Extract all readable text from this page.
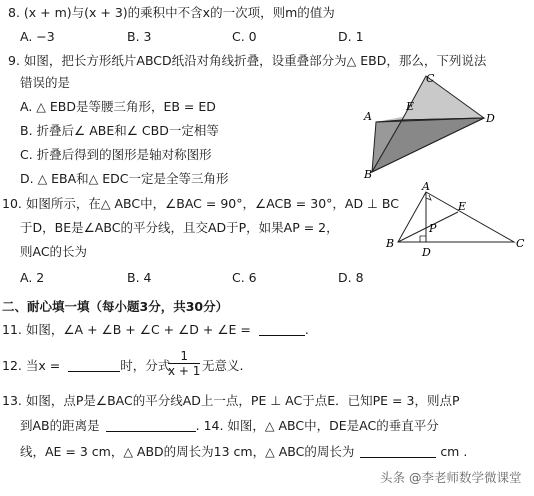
8. (x + m)与(x + 3)的乘积中不含x的一次项，则m的值为
A. −3	B. 3	C. 0	D. 1
9. 如图，把长方形纸片ABCD纸沿对角线折叠，设重叠部分为△ EBD，那么，下列说法
错误的是
A. △ EBD是等腰三角形，EB = ED
B. 折叠后∠ ABE和∠ CBD一定相等
C. 折叠后得到的图形是轴对称图形
D. △ EBA和△ EDC一定是全等三角形
A
B
C
D
E
10. 如图所示，在△ ABC中，∠BAC = 90°，∠ACB = 30°，AD ⊥ BC
于D，BE是∠ABC的平分线，且交AD于P，如果AP = 2，
则AC的长为
A. 2	B. 4	C. 6	D. 8
A
B	C
D
E
P
二、耐心填一填（每小题3分，共30分）
11. 如图，∠A + ∠B + ∠C + ∠D + ∠E =	.
12. 当x =	时，分式
$\frac{1}{x + 1}$ 无意义.
13. 如图，点P是∠BAC的平分线AD上一点，PE ⊥ AC于点E．已知PE = 3，则点P
到AB的距离是	. 14. 如图，△ ABC中，DE是AC的垂直平分
线，AE = 3 cm，△ ABD的周长为13 cm，△ ABC的周长为	cm .
头条 @李老师数学微课堂
